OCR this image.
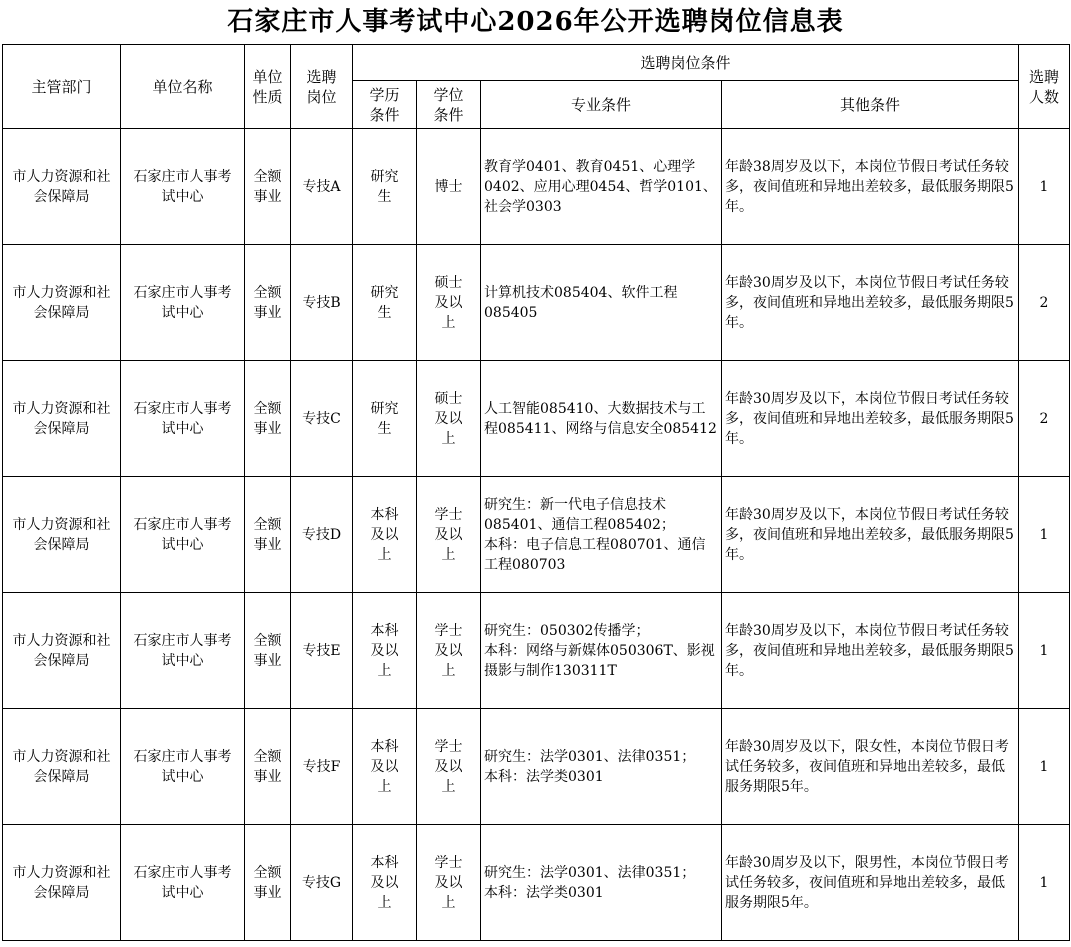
石家庄市人事考试中心2026年公开选聘岗位信息表
主管部门	单位名称	单位性质	选聘岗位	选聘岗位条件				选聘人数
				学历条件	学位条件	专业条件	其他条件	
市人力资源和社会保障局	石家庄市人事考试中心	全额事业	专技A	研究生	博士	教育学0401、教育0451、心理学0402、应用心理0454、哲学0101、社会学0303	年龄38周岁及以下，本岗位节假日考试任务较多，夜间值班和异地出差较多，最低服务期限5年。	1
市人力资源和社会保障局	石家庄市人事考试中心	全额事业	专技B	研究生	硕士及以上	计算机技术085404、软件工程085405	年龄30周岁及以下，本岗位节假日考试任务较多，夜间值班和异地出差较多，最低服务期限5年。	2
市人力资源和社会保障局	石家庄市人事考试中心	全额事业	专技C	研究生	硕士及以上	人工智能085410、大数据技术与工程085411、网络与信息安全085412	年龄30周岁及以下，本岗位节假日考试任务较多，夜间值班和异地出差较多，最低服务期限5年。	2
市人力资源和社会保障局	石家庄市人事考试中心	全额事业	专技D	本科及以上	学士及以上	研究生：新一代电子信息技术085401、通信工程085402；
本科：电子信息工程080701、通信工程080703	年龄30周岁及以下，本岗位节假日考试任务较多，夜间值班和异地出差较多，最低服务期限5年。	1
市人力资源和社会保障局	石家庄市人事考试中心	全额事业	专技E	本科及以上	学士及以上	研究生：050302传播学；
本科：网络与新媒体050306T、影视摄影与制作130311T	年龄30周岁及以下，本岗位节假日考试任务较多，夜间值班和异地出差较多，最低服务期限5年。	1
市人力资源和社会保障局	石家庄市人事考试中心	全额事业	专技F	本科及以上	学士及以上	研究生：法学0301、法律0351；
本科：法学类0301	年龄30周岁及以下，限女性，本岗位节假日考试任务较多，夜间值班和异地出差较多，最低服务期限5年。	1
市人力资源和社会保障局	石家庄市人事考试中心	全额事业	专技G	本科及以上	学士及以上	研究生：法学0301、法律0351；
本科：法学类0301	年龄30周岁及以下，限男性，本岗位节假日考试任务较多，夜间值班和异地出差较多，最低服务期限5年。	1
